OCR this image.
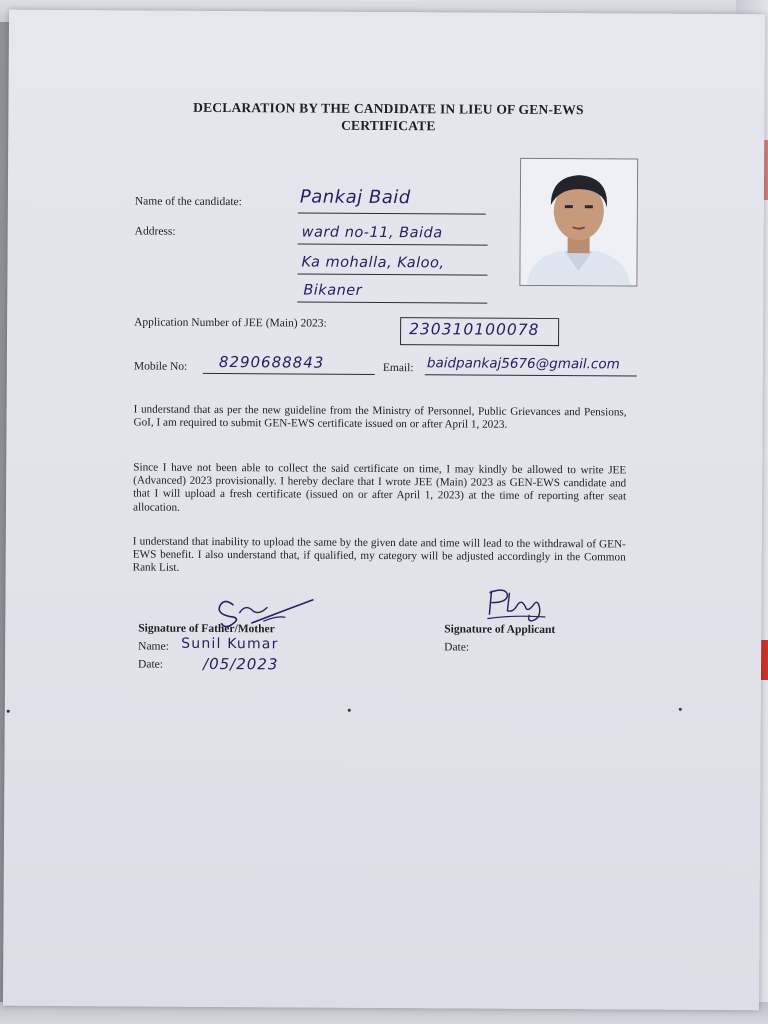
DECLARATION BY THE CANDIDATE IN LIEU OF GEN-EWS
CERTIFICATE
Name of the candidate:	Pankaj Baid
Address:	ward no-11, Baida
Ka mohalla, Kaloo,
Bikaner
Application Number of JEE (Main) 2023:	230310100078
Mobile No: 8290688843	Email: baidpankaj5676@gmail.com
I understand that as per the new guideline from the Ministry of Personnel, Public Grievances and Pensions, GoI, I am required to submit GEN-EWS certificate issued on or after April 1, 2023.
Since I have not been able to collect the said certificate on time, I may kindly be allowed to write JEE (Advanced) 2023 provisionally. I hereby declare that I wrote JEE (Main) 2023 as GEN-EWS candidate and that I will upload a fresh certificate (issued on or after April 1, 2023) at the time of reporting after seat allocation.
I understand that inability to upload the same by the given date and time will lead to the withdrawal of GEN-EWS benefit. I also understand that, if qualified, my category will be adjusted accordingly in the Common Rank List.
Signature of Father/Mother
Name: Sunil Kumar
Date:	/05/2023
Signature of Applicant
Date:
